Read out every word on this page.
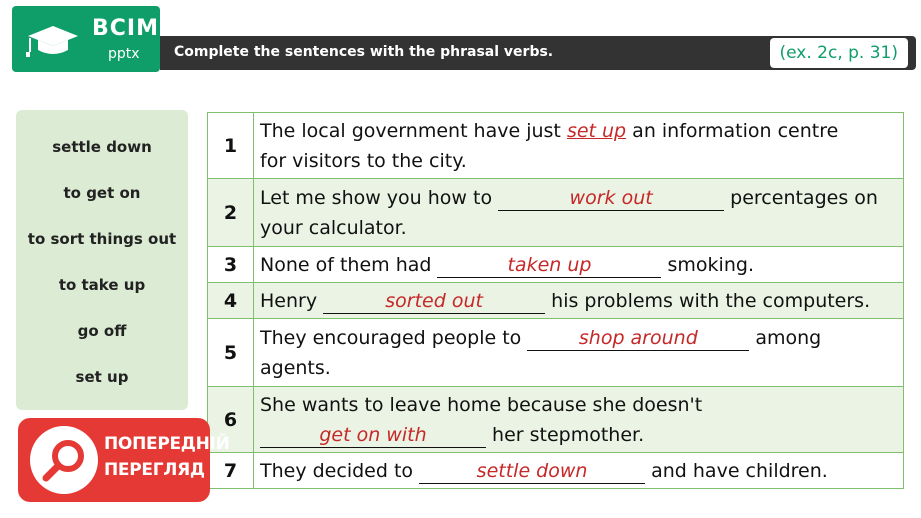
BCIM
pptx Complete the sentences with the phrasal verbs.	(ex. 2c, p. 31)
settle down
to get on
to sort things out
to take up
go off
set up
1	The local government have just set up an information centre
for visitors to the city.
2	Let me show you how to work out percentages on
your calculator.
3	None of them had taken up smoking.
4	Henry sorted out his problems with the computers.
5	They encouraged people to shop around among
agents.
6	She wants to leave home because she doesn't
get on with her stepmother.
7	They decided to settle down and have children.
ПОПЕРЕДНІЙ
ПЕРЕГЛЯД
